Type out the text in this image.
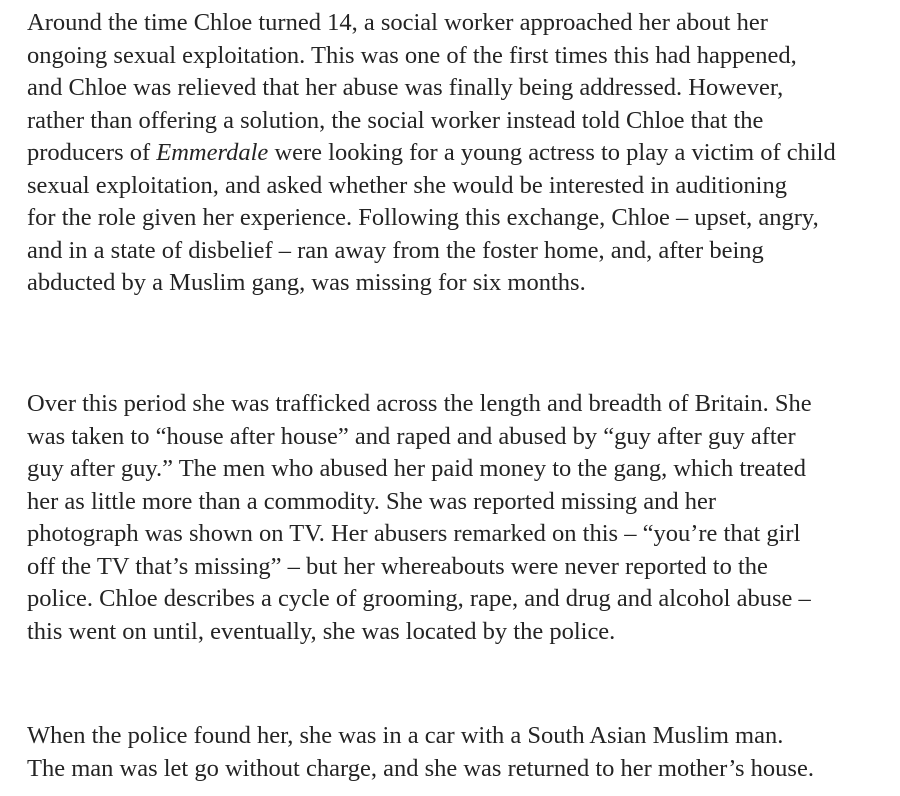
Around the time Chloe turned 14, a social worker approached her about her
ongoing sexual exploitation. This was one of the first times this had happened,
and Chloe was relieved that her abuse was finally being addressed. However,
rather than offering a solution, the social worker instead told Chloe that the
producers of Emmerdale were looking for a young actress to play a victim of child
sexual exploitation, and asked whether she would be interested in auditioning
for the role given her experience. Following this exchange, Chloe – upset, angry,
and in a state of disbelief – ran away from the foster home, and, after being
abducted by a Muslim gang, was missing for six months.
Over this period she was trafficked across the length and breadth of Britain. She
was taken to “house after house” and raped and abused by “guy after guy after
guy after guy.” The men who abused her paid money to the gang, which treated
her as little more than a commodity. She was reported missing and her
photograph was shown on TV. Her abusers remarked on this – “you’re that girl
off the TV that’s missing” – but her whereabouts were never reported to the
police. Chloe describes a cycle of grooming, rape, and drug and alcohol abuse –
this went on until, eventually, she was located by the police.
When the police found her, she was in a car with a South Asian Muslim man.
The man was let go without charge, and she was returned to her mother’s house.
